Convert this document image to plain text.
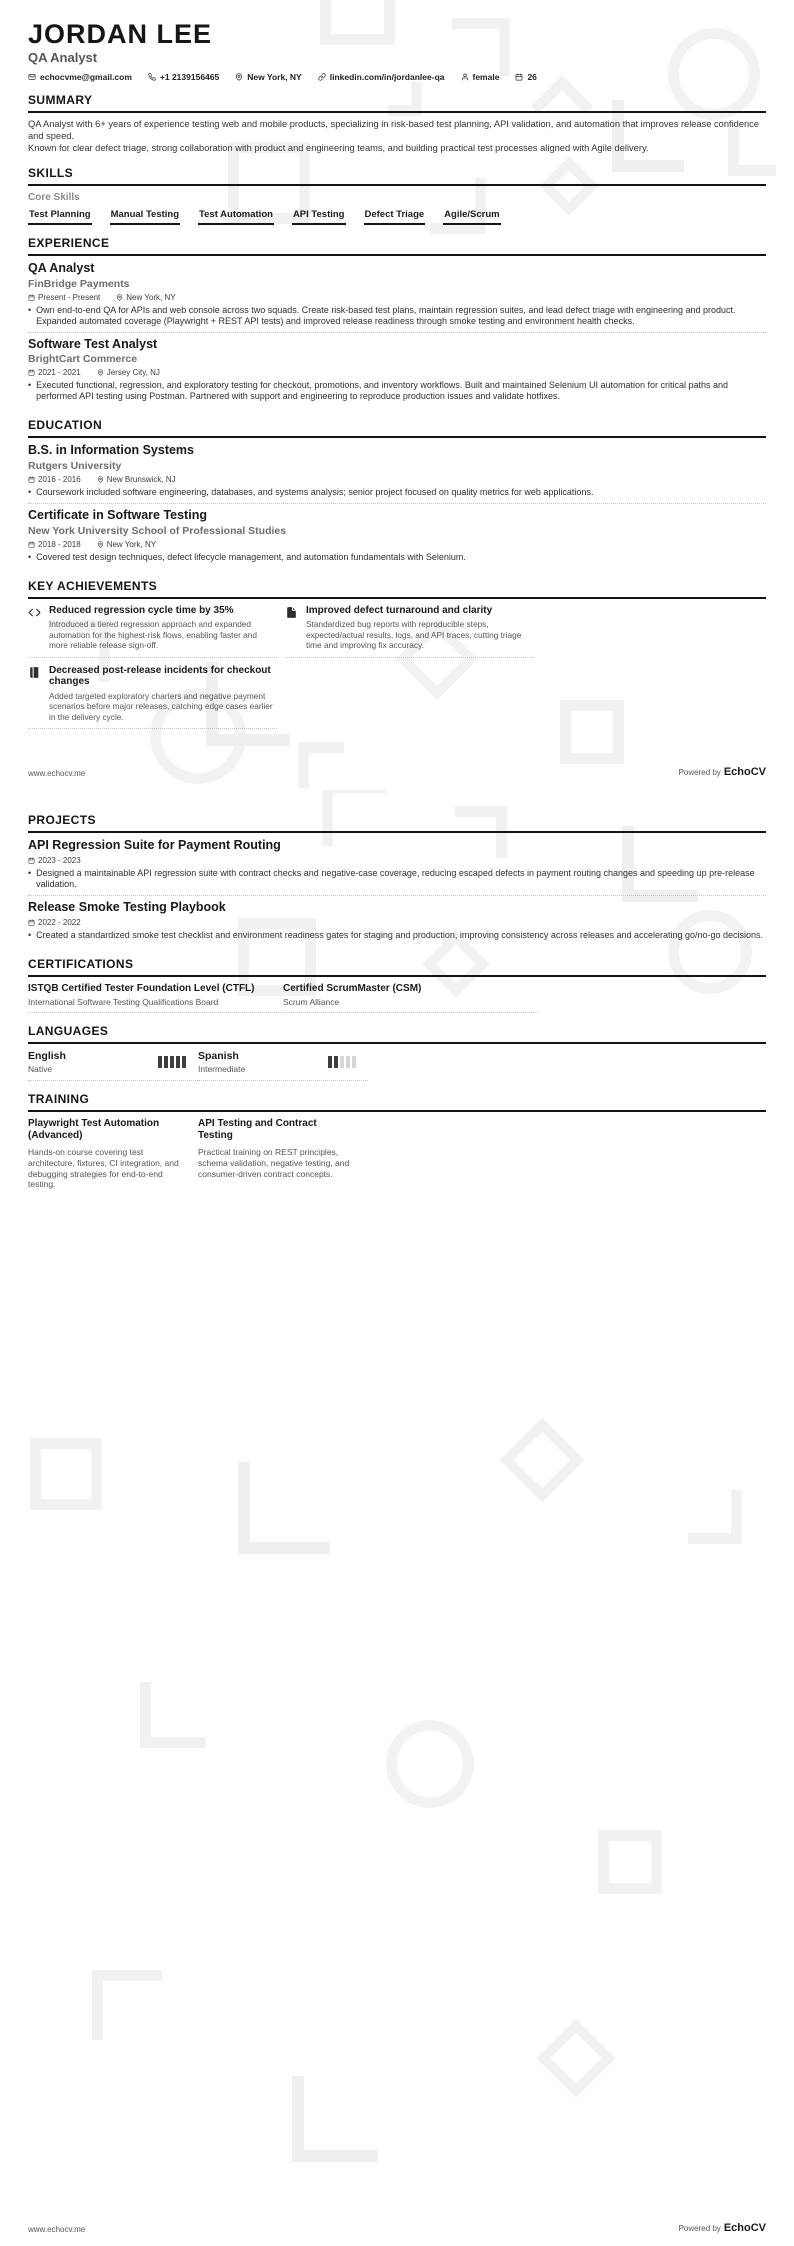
JORDAN LEE
QA Analyst
echocvme@gmail.com	+1 2139156465	New York, NY	linkedin.com/in/jordanlee-qa	female	26
SUMMARY

QA Analyst with 6+ years of experience testing web and mobile products, specializing in risk-based test planning, API validation, and automation that improves release confidence and speed.

Known for clear defect triage, strong collaboration with product and engineering teams, and building practical test processes aligned with Agile delivery.

SKILLS
Core Skills
Test Planning Manual Testing Test Automation API Testing Defect Triage Agile/Scrum
EXPERIENCE
QA Analyst
FinBridge Payments
Present - Present	New York, NY
• Own end-to-end QA for APIs and web console across two squads. Create risk-based test plans, maintain regression suites, and lead defect triage with engineering and product. Expanded automated coverage (Playwright + REST API tests) and improved release readiness through smoke testing and environment health checks.
Software Test Analyst
BrightCart Commerce
2021 - 2021	Jersey City, NJ
• Executed functional, regression, and exploratory testing for checkout, promotions, and inventory workflows. Built and maintained Selenium UI automation for critical paths and performed API testing using Postman. Partnered with support and engineering to reproduce production issues and validate hotfixes.
EDUCATION
B.S. in Information Systems
Rutgers University
2016 - 2016	New Brunswick, NJ
• Coursework included software engineering, databases, and systems analysis; senior project focused on quality metrics for web applications.
Certificate in Software Testing
New York University School of Professional Studies
2018 - 2018	New York, NY
• Covered test design techniques, defect lifecycle management, and automation fundamentals with Selenium.
KEY ACHIEVEMENTS
Reduced regression cycle time by 35%
Introduced a tiered regression approach and expanded automation for the highest-risk flows, enabling faster and more reliable release sign-off.
Improved defect turnaround and clarity
Standardized bug reports with reproducible steps, expected/actual results, logs, and API traces, cutting triage time and improving fix accuracy.
Decreased post-release incidents for checkout changes
Added targeted exploratory charters and negative payment scenarios before major releases, catching edge cases earlier in the delivery cycle.
www.echocv.me	Powered by EchoCV
PROJECTS
API Regression Suite for Payment Routing
2023 - 2023
• Designed a maintainable API regression suite with contract checks and negative-case coverage, reducing escaped defects in payment routing changes and speeding up pre-release validation.
Release Smoke Testing Playbook
2022 - 2022
• Created a standardized smoke test checklist and environment readiness gates for staging and production, improving consistency across releases and accelerating go/no-go decisions.
CERTIFICATIONS
ISTQB Certified Tester Foundation Level (CTFL)
International Software Testing Qualifications Board
Certified ScrumMaster (CSM)
Scrum Alliance
LANGUAGES
English
Native
Spanish
Intermediate
TRAINING
Playwright Test Automation (Advanced)
Hands-on course covering test architecture, fixtures, CI integration, and debugging strategies for end-to-end testing.
API Testing and Contract Testing
Practical training on REST principles, schema validation, negative testing, and consumer-driven contract concepts.
www.echocv.me	Powered by EchoCV
